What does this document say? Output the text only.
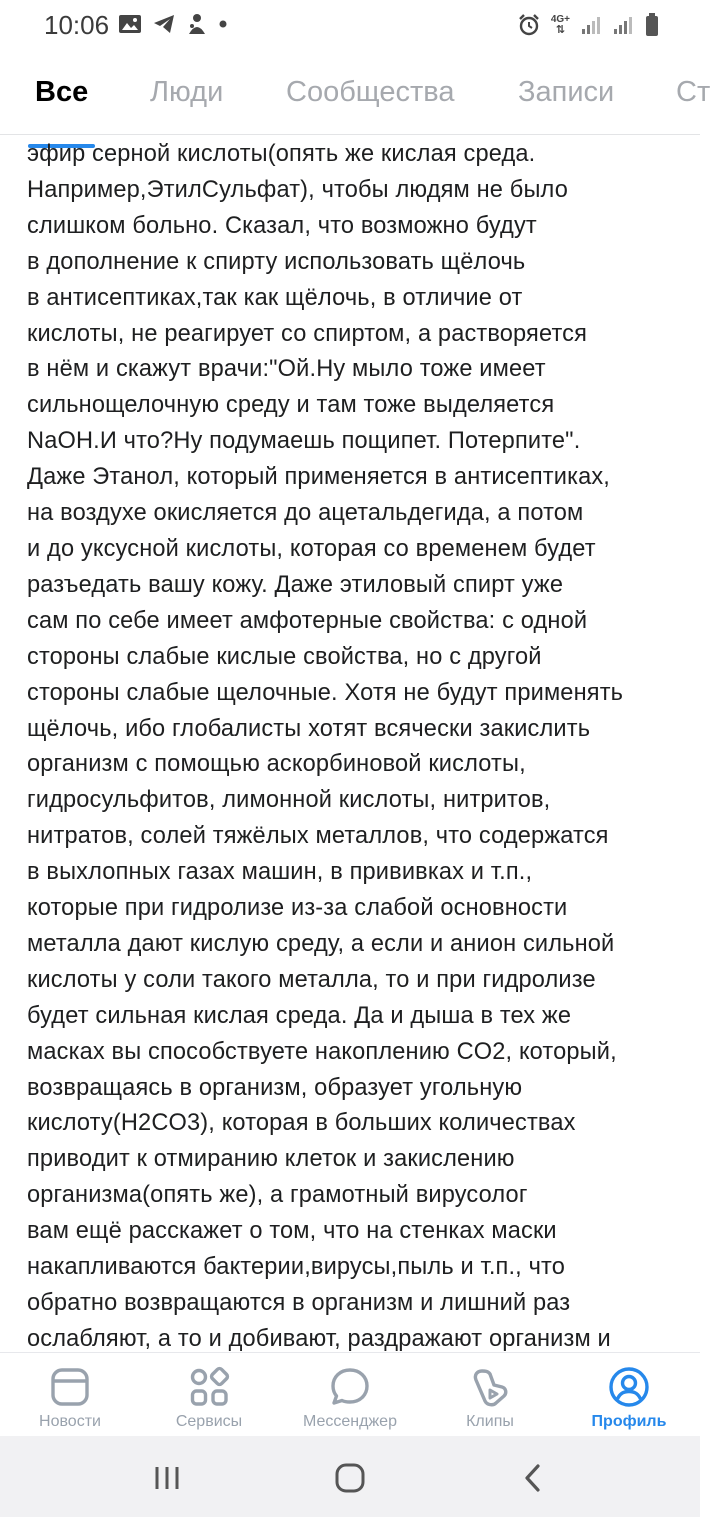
10:06	4G+
⇅
Все Люди Сообщества Записи Ст
эфир серной кислоты(опять же кислая среда.
Например,ЭтилСульфат), чтобы людям не было
слишком больно. Сказал, что возможно будут
в дополнение к спирту использовать щёлочь
в антисептиках,так как щёлочь, в отличие от
кислоты, не реагирует со спиртом, а растворяется
в нём и скажут врачи:"Ой.Ну мыло тоже имеет
сильнощелочную среду и там тоже выделяется
NaOH.И что?Ну подумаешь пощипет. Потерпите".
Даже Этанол, который применяется в антисептиках,
на воздухе окисляется до ацетальдегида, а потом
и до уксусной кислоты, которая со временем будет
разъедать вашу кожу. Даже этиловый спирт уже
сам по себе имеет амфотерные свойства: с одной
стороны слабые кислые свойства, но с другой
стороны слабые щелочные. Хотя не будут применять
щёлочь, ибо глобалисты хотят всячески закислить
организм с помощью аскорбиновой кислоты,
гидросульфитов, лимонной кислоты, нитритов,
нитратов, солей тяжёлых металлов, что содержатся
в выхлопных газах машин, в прививках и т.п.,
которые при гидролизе из-за слабой основности
металла дают кислую среду, а если и анион сильной
кислоты у соли такого металла, то и при гидролизе
будет сильная кислая среда. Да и дыша в тех же
масках вы способствуете накоплению CO2, который,
возвращаясь в организм, образует угольную
кислоту(H2CO3), которая в больших количествах
приводит к отмиранию клеток и закислению
организма(опять же), а грамотный вирусолог
вам ещё расскажет о том, что на стенках маски
накапливаются бактерии,вирусы,пыль и т.п., что
обратно возвращаются в организм и лишний раз
ослабляют, а то и добивают, раздражают организм и
Новости	Сервисы	Мессенджер	Клипы	Профиль
